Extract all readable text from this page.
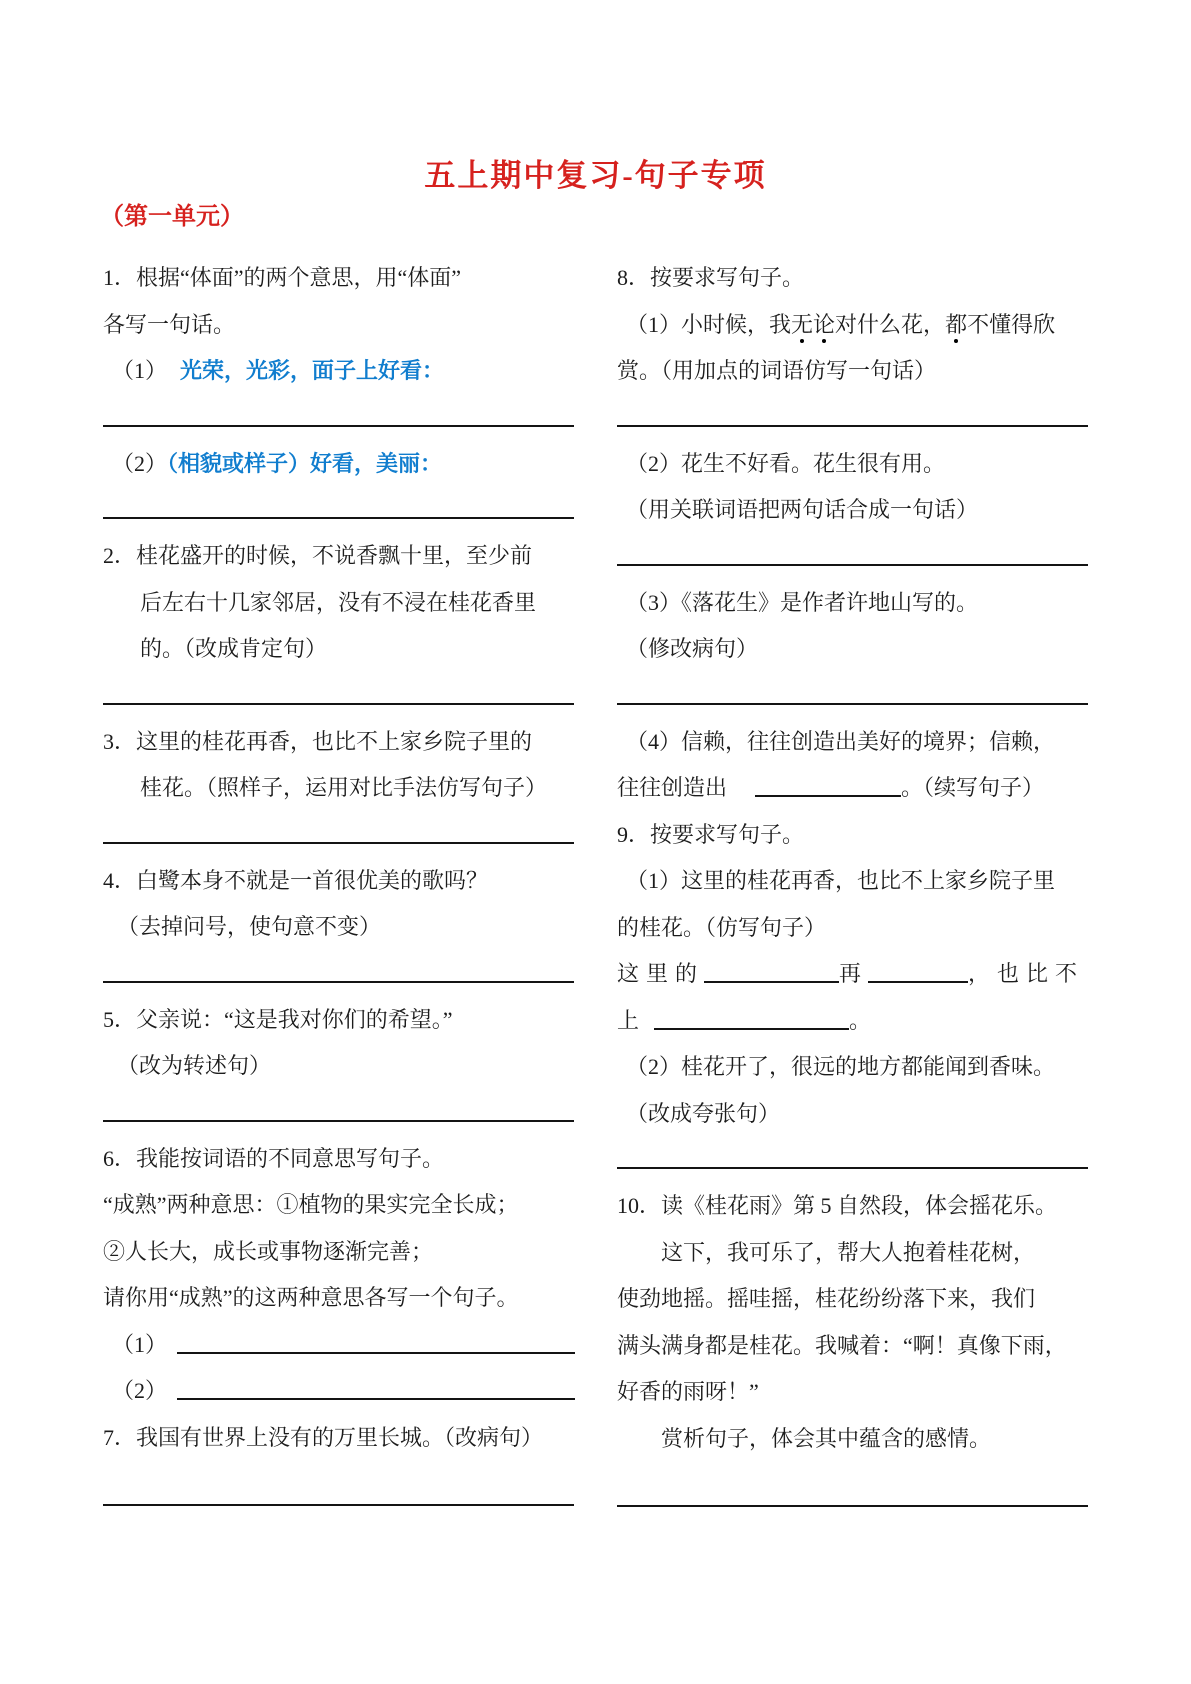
五上期中复习-句子专项
（第一单元）
1．根据“体面”的两个意思，用“体面”
各写一句话。
（1） 光荣，光彩，面子上好看：
（2）（相貌或样子）好看，美丽：
2．桂花盛开的时候，不说香飘十里，至少前
后左右十几家邻居，没有不浸在桂花香里
的。（改成肯定句）
3．这里的桂花再香，也比不上家乡院子里的
桂花。（照样子，运用对比手法仿写句子）
4．白鹭本身不就是一首很优美的歌吗？
（去掉问号，使句意不变）
5．父亲说：“这是我对你们的希望。”
（改为转述句）
6．我能按词语的不同意思写句子。
“成熟”两种意思：①植物的果实完全长成；
②人长大，成长或事物逐渐完善；
请你用“成熟”的这两种意思各写一个句子。
（1）
（2）
7．我国有世界上没有的万里长城。（改病句）
8．按要求写句子。
（1）小时候，我无论对什么花，都不懂得欣
赏。（用加点的词语仿写一句话）
（2）花生不好看。花生很有用。
（用关联词语把两句话合成一句话）
（3）《落花生》是作者许地山写的。
（修改病句）
（4）信赖，往往创造出美好的境界；信赖，
往往创造出	。（续写句子）
9．按要求写句子。
（1）这里的桂花再香，也比不上家乡院子里
的桂花。（仿写句子）
这里的	再	，也比不
上	。
（2）桂花开了，很远的地方都能闻到香味。
（改成夸张句）
10．读《桂花雨》第 5 自然段，体会摇花乐。
这下，我可乐了，帮大人抱着桂花树，
使劲地摇。摇哇摇，桂花纷纷落下来，我们
满头满身都是桂花。我喊着：“啊！真像下雨，
好香的雨呀！”
赏析句子，体会其中蕴含的感情。
